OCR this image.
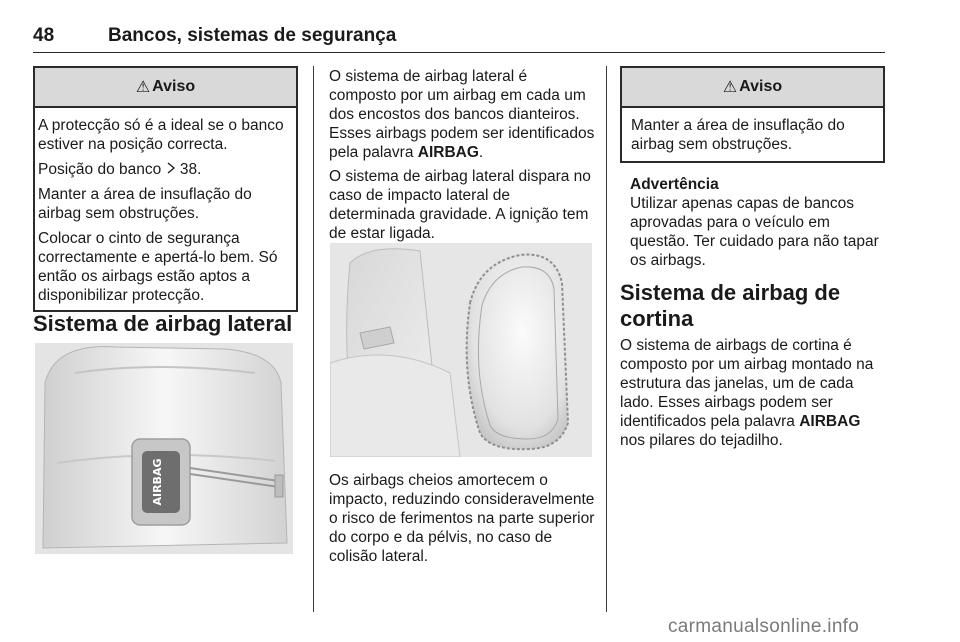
48	Bancos, sistemas de segurança
⚠ Aviso

A protecção só é a ideal se o banco estiver na posição correcta.

Posição do banco 38.

Manter a área de insuflação do airbag sem obstruções.

Colocar o cinto de segurança correctamente e apertá-lo bem. Só então os airbags estão aptos a disponibilizar protecção.

Sistema de airbag lateral
AIRBAG

O sistema de airbag lateral é composto por um airbag em cada um dos encostos dos bancos dianteiros. Esses airbags podem ser identificados pela palavra AIRBAG.

O sistema de airbag lateral dispara no caso de impacto lateral de determinada gravidade. A ignição tem de estar ligada.

Os airbags cheios amortecem o impacto, reduzindo consideravelmente o risco de ferimentos na parte superior do corpo e da pélvis, no caso de colisão lateral.

⚠ Aviso

Manter a área de insuflação do airbag sem obstruções.

Advertência

Utilizar apenas capas de bancos aprovadas para o veículo em questão. Ter cuidado para não tapar os airbags.

Sistema de airbag de cortina

O sistema de airbags de cortina é composto por um airbag montado na estrutura das janelas, um de cada lado. Esses airbags podem ser identificados pela palavra AIRBAG nos pilares do tejadilho.

carmanualsonline.info
